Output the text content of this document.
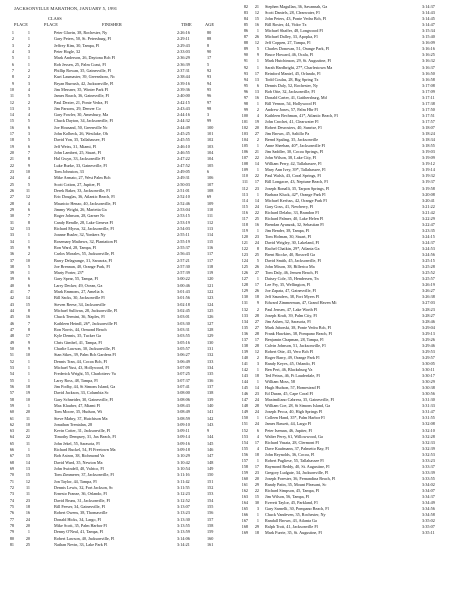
JACKSONVILLE MARATHON, JANUARY 5, 1991
CLASS
PLACE	PLACE	FINISHER	TIME	AGE
1	1	Peter Glavin, 38, Rochester, Ny	2:26:16	80
2	1	Gary Peters, 50, St. Petersburg, Fl	2:29:11	88
3	2	Jeffrey Kim, 30, Tampa, Fl	2:29:43	8
4	3	Peter Hogle, 32	2:33:03	90
5	1	Mark Anderson, 26, Daytona Bch Fl	2:36:29	17
6	1	Rob Jessen, 25, Palm Coast, Fl	2:36:39	5
7	2	Phillip Rowan, 35, Gainesville, Fl	2:37:31	92
8	2	Kurt Laumaster, 39, Greensboro, Nc	2:38:44	93
9	3	Bryan Burrush, 42, Jacksonville, Fl	2:39:16	94
10	4	Jim Messner, 35, Winter Park Fl	2:39:36	95
11	5	James Roach, 36, Gainesville, Fl	2:40:00	96
12	2	Paul Dexter, 21, Ponte Vedra, Fl	2:42:15	97
13	3	Jim Parsons, 29, Denver Co	2:43:43	98
14	4	Gary Fowler, 30, Amesbury, Ma	2:44:16	3
15	5	Chuck Dayton, 34, Jacksonville, Fl	2:44:32	99
16	6	Joe Housand, 50, Greenville Nc	2:44:49	100
17	3	John Kolbeck, 26, Westlake, Oh	2:45:25	101
18	5	David Yon, 35, Tallahassee, Fl	2:45:55	102
19	6	Jeff Weiss, 31, Miami, Fl	2:46:10	103
20	7	John Lambert, 25, Stuart, Fl	2:46:55	104
21	8	Hal Gwyn, 33, Jacksonville Fl	2:47:22	104
22	9	Luke Burke, 33, Gainesville, Fl	2:47:52	105
23	10	Tom Johnston, 33	2:49:05	6
24	4	Mike Armato, 27, West Palm Bch	2:49:31	106
25	5	Scott Cotton, 27, Jupiter, Fl	2:50:03	107
26	11	Derek Baker, 33, Jacksonville, Fl	2:51:01	108
27	12	Eric Douglas, 36, Atlantic Beach, Fl	2:52:10	69
28	4	Mauricio Henao, 40, Jacksonville, Fl	2:52:46	109
29	6	Jimmy Wright, 26, Marietta Ga	2:53:04	110
30	7	Roger Johnson, 28, Garner Nc	2:53:15	111
31	8	Candy Rendle, 28, Lake Geneva Fl	2:53:19	112
32	13	Richard Myrus, 32, Jacksonville, Fl	2:54:03	113
33	1	Joanne Busler, 32, Yonkers Ny	2:55:11	114
34	1	Rosemary Mathews, 32, Plantation Fl	2:55:19	115
35	9	Ron Ward, 28, Tampa, Fl	2:55:37	116
36	2	Carlos Morales, 55, Jacksonville, Fl	2:56:43	117
37	10	Barry Delagrange, 31, Sarasota, Fl	2:57:21	117
38	5	Joe Brennan, 40, Orange Park, Fl	2:57:30	118
39	1	Marty Porter, 23*	2:57:39	119
39	6	Gary Spear, 55, Tampa, Fl	3:00:22	120
40	6	Larry Decker, 49, Ocean, Ga	3:00:46	121
41	7	Mark Emmons, 27, Amelia Is	3:01:43	122
42	14	Bill Sacks, 30, Jacksonville Fl	3:01:56	123
43	15	Steven Reese, 34, Jacksonville	3:02:18	124
44	8	Michael Sullivan, 28, Jacksonville, Fl	3:02:45	125
45	16	Chuck Termini, 36, Naples, Fl	3:03:01	126
46	7	Kathleen Heindl, 26*, Jacksonville Fl	3:03:30	127
47	8	Ron Norris, 44, Ormond Beach	3:03:31	128
48	17	Kyle Dennis, 35, Tucker Ga	3:03:55	129
49	9	Chris Gimbel, 41, Tampa, Fl	3:05:16	130
50	9	Charlie Lawson, 30, Jacksonville, Fl	3:05:57	131
51	10	Stan Sikes, 39, Palm Bch Gardens Fl	3:06:27	132
52	1	Dennis Tran, 44, Cocoa Bch, Fl	3:06:49	133
53	1	Michael Yust, 43, Hollywood, Fl	3:07:09	134
54	1	Frederick Wright, 55, Charlottesv Va	3:07:25	135
55	1	Larry Ross, 48, Tampa, Fl	3:07:37	136
56	18	Jim Fodby, 44, St Simons Island, Ga	3:07:41	137
57	19	David Jackson, 33, Columbia Sc	3:08:00	138
58	10	Gary Schneider, 30, Gainesville, Fl	3:08:06	139
59	1	Max Klauber, 47, Miami Fl	3:08:43	140
60	20	Tom Moore, 35, Hudson, Wi	3:08:49	141
61	11	Steve Mabry, 37, Hutchison Ma	3:08:59	142
62	10	Jonathan Trentalan, 28	3:09:10	143
63	21	Kevin Cotter, 31, Jacksonville, Fl	3:09:11	9
64	22	Timothy Dempsey, 31, Jax Beach, Fl	3:09:14	144
65	11	John Jekel, 55, Sarasota, Fl	3:09:16	145
66	1	Richard Buckel, 54, Fl Freetown Ma	3:09:18	146
67	15	Bob Astron, 38, Richmond Va	3:10:29	147
68	14	David Ward, 35, Newton Ma	3:10:42	148
69	13	John Swindell, 40, Valrico, Fl	3:10:54	149
70	15	Tom Zimmerer, 37, Jacksonville, Fl	3:11:16	150
71	12	Jon Taylor, 44, Tampa, Fl	3:11:42	151
72	11	Dennis Lewis, 32, Fort Jackson, Sc	3:11:55	152
73	11	Ernesto Franze, 36, Orlando, Fl	3:12:23	153
74	23	David Bruns, 31, Jacksonville, Fl	3:12:52	154
75	18	Bill Feeser, 34, Gainesville, Fl	3:13:07	155
76	16	Robert Owens, 38, Thomasville	3:13:23	156
77	24	Donald Hicks, 34, Largo, Fl	3:13:30	157
78	20	Mike Scott, 35, Palm Harbor Fl	3:13:55	158
79	1	Denny O'Neal, 41, Tampa, Fl	3:13:59	159
80	20	Robert Lawson, 40, Jacksonville, Fl	3:14:06	160
81	25	Nathan Nevin, 33, Lake Park Fl	3:14:21	161
82	21 Stephen Magullan, 36, Savannah, Ga	3:14:37
83	12 Scott Daniels, 28, Clearwater, Fl	3:14:43
84	15 John Peters, 43, Ponte Vedra Bch, Fl	3:14:45
85	16 Bill Rosier, 44, Vidor Tx	3:14:47
86	1 Michael Shaffer, 48, Longwood Fl	3:15:34
87	26 Michael Dalley, 33, Apopka, Fl	3:15:40
88	12 Jeff Coppen, 27, Tampa, Fl	3:16:09
89	5 Charles Donovan, 51, Orange Park, Fl	3:16:16
90	9 Bruce Howard, 46, Ocala, Fl	3:16:25
91	1 Mark Hutchinson, 29, St. Augustine, Fl	3:16:32
92	1 Sarah Hardbright, 27*, Charlestown Ma	3:16:37
93	17 Reinford Mantel, 45, Orlando, Fl	3:16:50
94	13 Todd Coulas, 28, Big Spring Tx	3:16:58
95	6 Dennis Daly, 52, Rochester, Ny	3:17:08
96	13 Bob Otte, 32, Jacksonville, Fl	3:17:09
97	16 Donald Carter, 41, Gaithersburg, Md	3:17:11
98	1 Bill Vernon, 54, Hollywood Fl	3:17:38
99	2 Andrew Jones, 57, Palm Hbr Fl	3:17:50
100	4 Kathleen Bechman, 41*, Atlantic Beach, Fl	3:17:51
101	19 John Crochet, 41, Clearwater Fl	3:17:57
102	20 Robert Desrosiers, 40, Sunrise, Fl	3:18:07
103	27 Jim Brown, 45, Saltillo Pa	3:18:24
104	2 Bernd Spaling, 35, Jacksonville	3:18:34
105	1 Anne Sheehan, 40*, Jacksonville Fl	3:18:55
106	21 Jim Saddler, 30, Cocoa Springs, Fl	3:19:03
107	22 John Wilson, 38, Lake City, Fl	3:19:09
108	14 William Perry, 42, Tallahassee, Fl	3:19:12
109	1 Mary Ann Ivey, 39*, Tallahassee, Fl	3:19:14
110	22 Paul Walsh, 43, Coral Springs, Fl	3:19:32
111	17 Bill Longacre, 43, Neptune Beach, Fl	3:19:37
112	23 Joseph Ronalli, 35, Tarpon Springs, Fl	3:19:58
113	1 Barbara Kluck, 42*, Orange Park Fl	3:20:08
114	14 Michael Kerfuss, 42, Orange Park Fl	3:20:41
115	24 Gary Goss, 41, Newberry, Fl	3:21:22
116	22 Richard Delabo, 33, Brandon Fl	3:21:42
117	25 Richard Palmer, 40, Lake Helen Fl	3:22:29
118	16 Brendan Ayunzak, 32, Sebastian Fl	3:22:47
119	1 Jim Bender, 38, Tampa, Fl	3:23:35
120	23 Tom Holman, 30, Stuart, Fl	3:24:15
121	24 David Wrigley, 30, Lakeland, Fl	3:24:37
122	8 Rachel Chaikin, 29*, Atlanta Ga	3:24:53
123	25 Brent Riccke, 40, Roswell Ga	3:24:56
124	5 David Smith, 45, Jacksonville, Fl	3:25:15
125	26 John Mixon, 38, Billerica Ma	3:25:28
126	27 Tom Daly, 46, Jensen Beach, Fl	3:25:52
127	1 Daisey Cole, 35, Hendersen, Tn	3:25:57
128	17 Lee Fry, 35, Wellington, Fl	3:26:19
129	26 Joe Zapata, 47, Gainesville, Fl	3:26:27
130	18 Jeff Saunders, 38, Fort Myers Fl	3:26:38
131	9 Edward Zimmerman, 47, Grand Haven Mi	3:27:03
132	2 Paul Jensen, 47, Lake Worth Fl	3:28:23
133	28 Joseph Kraft, 39, Palm City, Fl	3:28:27
134	27 Jim Ashen, 32, Sarasota, Fl	3:28:46
135	27 Mark Jaborski, 38, Ponte Vedra Bch, Fl	3:29:04
136	28 Frank Hawkins, 38, Pompano Beach, Fl	3:29:13
137	17 Benjamin Chapman, 28, Tampa, Fl	3:29:26
138	28 Calvin Johnson, 51, Jacksonville, Fl	3:29:46
139	12 Robert Otte, 43, Vero Bch Fl	3:29:53
140	2 Roger Barry, 49, Orange Park Fl	3:29:57
141	3 Randy Keyes, 45, Orlando, Fl	3:30:05
142	1 Ben Peri, 46, Blacksburg Va	3:30:11
143	18 Ted Petras, 46, Ft Lauderdale, Fl	3:30:17
144	1 William Moss, 58	3:30:29
145	14 Hugh Hudson, 57, Homestead Fl	3:30:38
146	23 Ed Duran, 45, Cape Coral Fl	3:30:56
147	24 Maximiliano Cabrera, 35, Gainesville, Fl	3:31:30
148	28 William Coe, 28, St Simons Island, Ga	3:31:33
149	24 Joseph Pecca, 40, High Springs Fl	3:31:47
150	1 Colleen Hand, 35*, Palm Harbor Fl	3:31:55
151	24 James Bassett, 44, Largo Fl	3:32:08
152	6 Peter Iseman, 46, Jupiter, Fl	3:32:10
153	4 Walter Perry, 61, Willowwood, Ga	3:32:28
154	17 Richard Vasata, 28, Clermont Fl	3:32:33
155	4 Dave Kaufmann, 37, Palmetto Bay, Fl	3:32:39
156	18 John Reynolds, 36, Cocoa, Fl	3:32:53
157	1 Robert Pugliese, 55, Tallahassee Fl	3:33:23
158	17 Raymond Reddy, 40, St. Augustine, Fl	3:33:37
159	23 Gregory Ludgate, 34, Jacksonville, Fl	3:33:39
160	20 Joseph Forester, 36, Fernandina Beach, Fl	3:33:55
161	29 Randy Patin, 35, Mount Pleasant, Sc	3:34:02
162	22 Richard Simpson, 45, Tampa, Fl	3:34:07
163	15 Jim Wilson, 56, Tampa, Fl	3:34:37
164	30 Everett Taylor, 45, Parkland, Fl	3:34:49
165	3 Gary Sarnelli, 30, Pompano Beach, Fl	3:34:56
166	1 Chuck Vandeven, 35, Rochester, Ny	3:34:58
167	1 Randall Brown, 43, Atlanta Ga	3:35:02
168	29 Ralph Trott, 41, Jacksonville Fl	3:35:07
169	18 Mark Furrie, 35, St. Augustine, Fl	3:35:11
